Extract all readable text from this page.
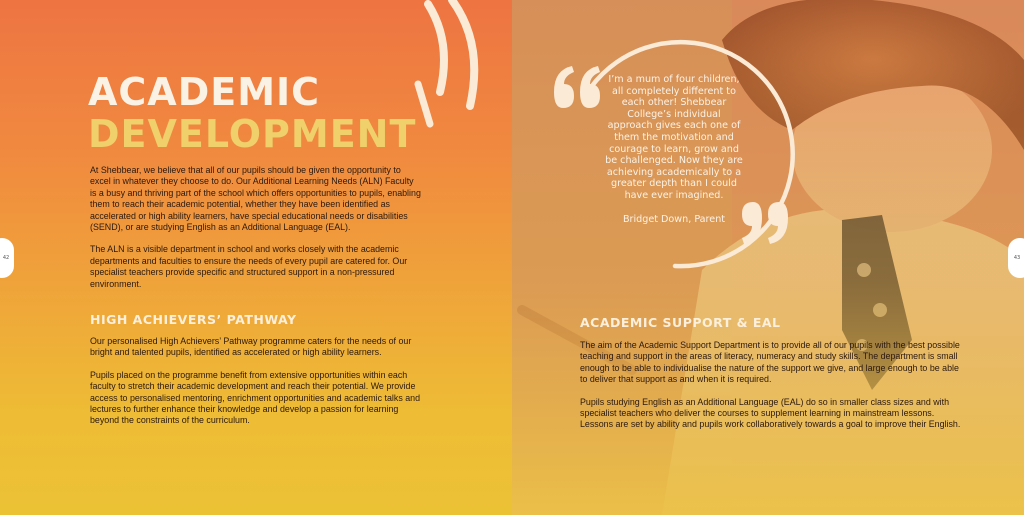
ACADEMIC
DEVELOPMENT

At Shebbear, we believe that all of our pupils should be given the opportunity to excel in whatever they choose to do. Our Additional Learning Needs (ALN) Faculty is a busy and thriving part of the school which offers opportunities to pupils, enabling them to reach their academic potential, whether they have been identified as accelerated or high ability learners, have special educational needs or disabilities (SEND), or are studying English as an Additional Language (EAL).

The ALN is a visible department in school and works closely with the academic departments and faculties to ensure the needs of every pupil are catered for. Our specialist teachers provide specific and structured support in a non-pressured environment.

HIGH ACHIEVERS’ PATHWAY

Our personalised High Achievers’ Pathway programme caters for the needs of our bright and talented pupils, identified as accelerated or high ability learners.

Pupils placed on the programme benefit from extensive opportunities within each faculty to stretch their academic development and reach their potential. We provide access to personalised mentoring, enrichment opportunities and academic talks and lectures to further enhance their knowledge and develop a passion for learning beyond the constraints of the curriculum.

ACADEMIC SUPPORT & EAL

The aim of the Academic Support Department is to provide all of our pupils with the best possible teaching and support in the areas of literacy, numeracy and study skills. The department is small enough to be able to individualise the nature of the support we give, and large enough to be able to deliver that support as and when it is required.

Pupils studying English as an Additional Language (EAL) do so in smaller class sizes and with specialist teachers who deliver the courses to supplement learning in mainstream lessons. Lessons are set by ability and pupils work collaboratively towards a goal to improve their English.

I’m a mum of four children, all completely different to each other! Shebbear College’s individual approach gives each one of them the motivation and courage to learn, grow and be challenged. Now they are achieving academically to a greater depth than I could have ever imagined.
Bridget Down, Parent
42	43
